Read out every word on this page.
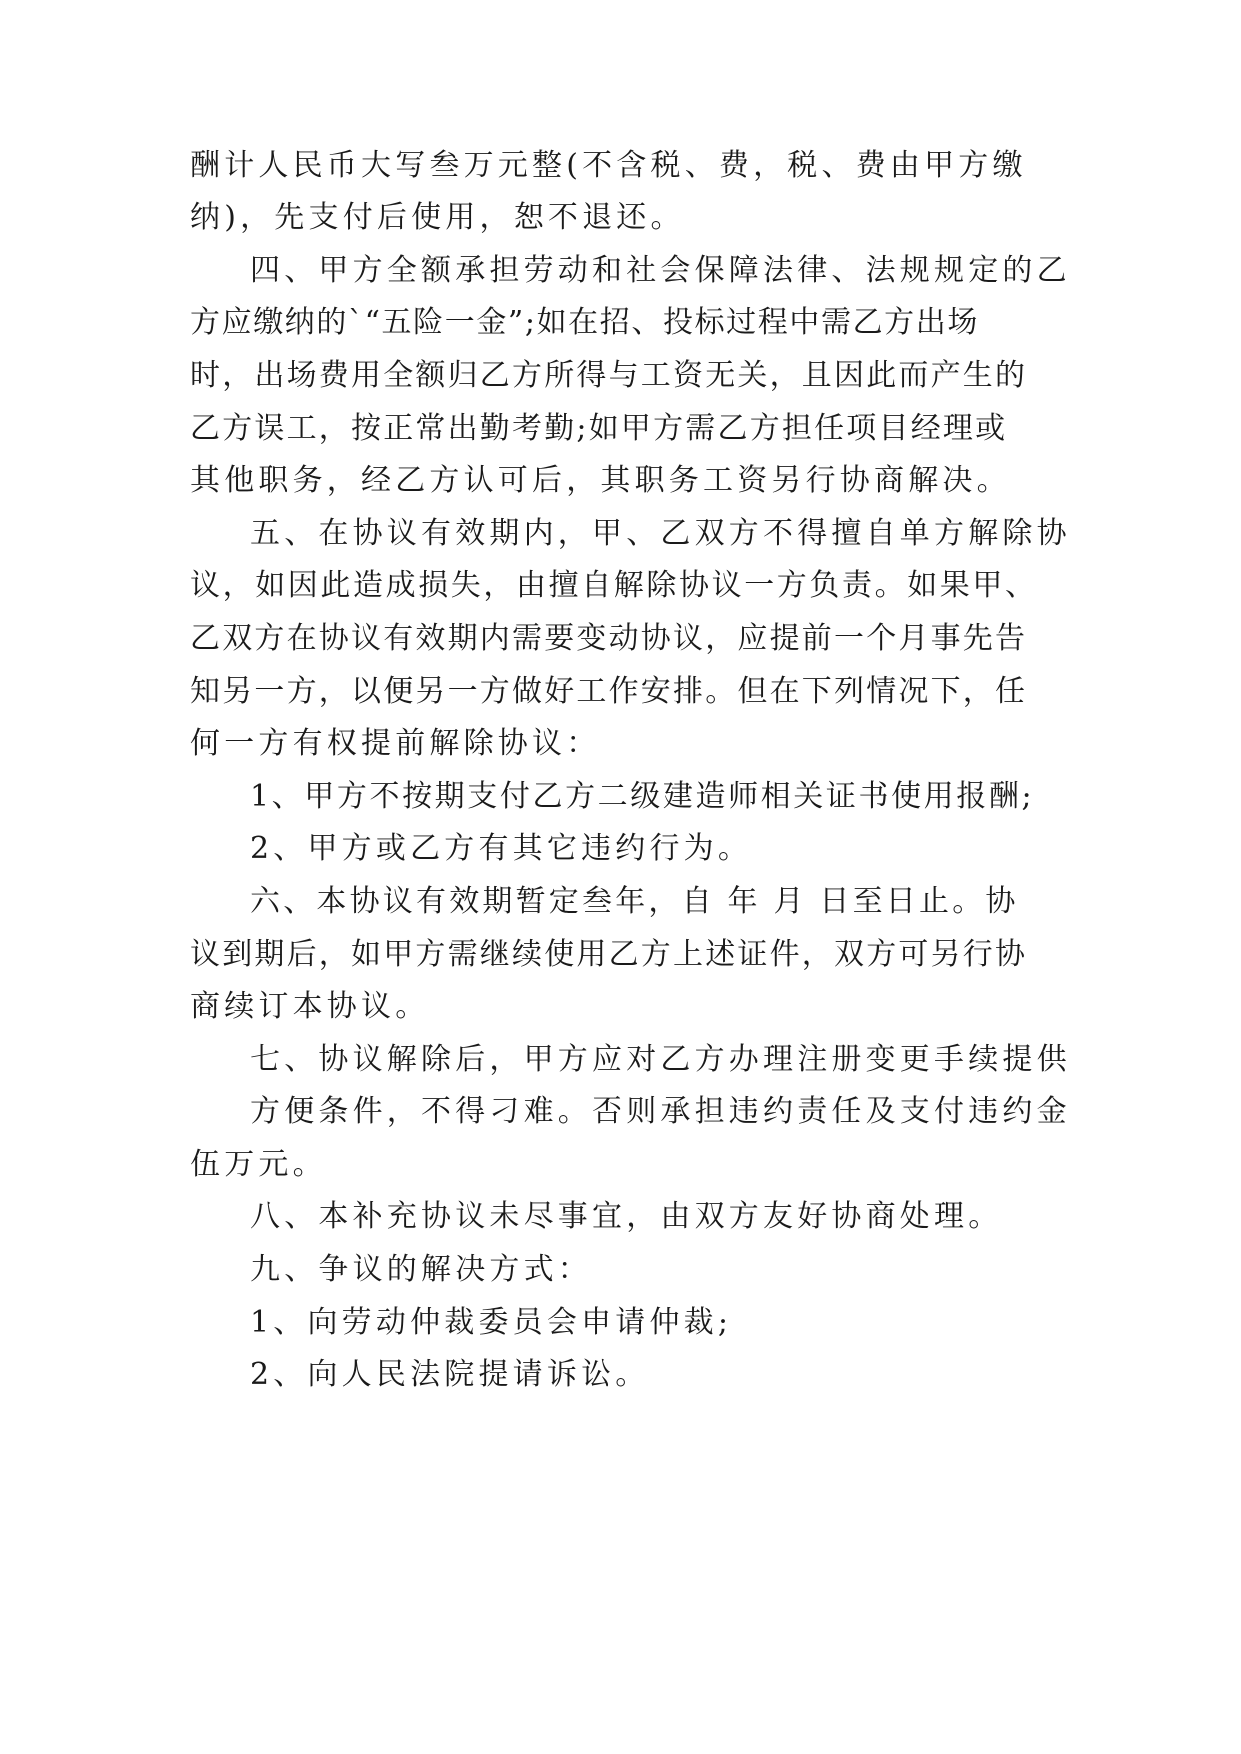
酬计人民币大写叁万元整(不含税、费，税、费由甲方缴
纳)，先支付后使用，恕不退还。
四、甲方全额承担劳动和社会保障法律、法规规定的乙
方应缴纳的`“五险一金”;如在招、投标过程中需乙方出场
时，出场费用全额归乙方所得与工资无关，且因此而产生的
乙方误工，按正常出勤考勤;如甲方需乙方担任项目经理或
其他职务，经乙方认可后，其职务工资另行协商解决。
五、在协议有效期内，甲、乙双方不得擅自单方解除协
议，如因此造成损失，由擅自解除协议一方负责。如果甲、
乙双方在协议有效期内需要变动协议，应提前一个月事先告
知另一方，以便另一方做好工作安排。但在下列情况下，任
何一方有权提前解除协议：
1、甲方不按期支付乙方二级建造师相关证书使用报酬;
2、甲方或乙方有其它违约行为。
六、本协议有效期暂定叁年，自 年 月 日至日止。协
议到期后，如甲方需继续使用乙方上述证件，双方可另行协
商续订本协议。
七、协议解除后，甲方应对乙方办理注册变更手续提供
方便条件，不得刁难。否则承担违约责任及支付违约金
伍万元。
八、本补充协议未尽事宜，由双方友好协商处理。
九、争议的解决方式：
1、向劳动仲裁委员会申请仲裁;
2、向人民法院提请诉讼。
